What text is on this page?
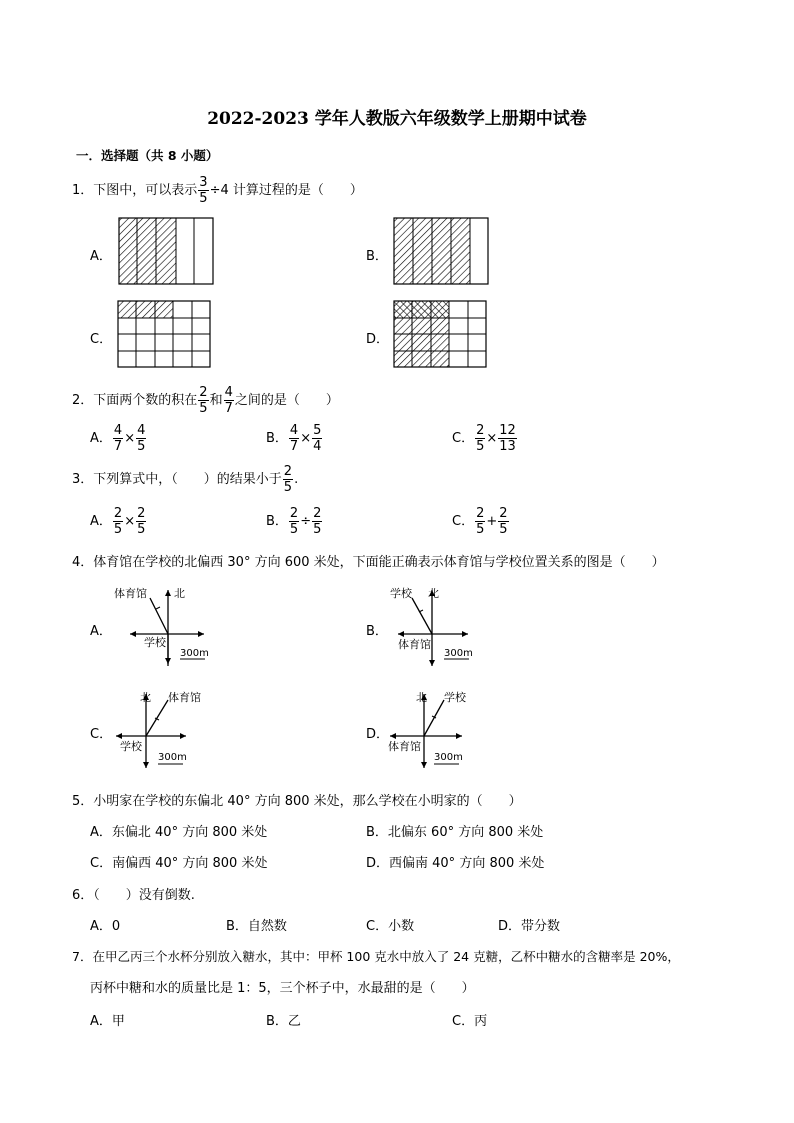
2022-2023 学年人教版六年级数学上册期中试卷
一．选择题（共 8 小题）
1．下图中，可以表示 $\frac{3}{5} \div 4$ 计算过程的是（　　）
A．	B．
C．	D．
2．下面两个数的积在 $\frac{2}{5}$ 和 $\frac{4}{7}$ 之间的是（　　）
A． $\frac{4}{7} \times \frac{4}{5}$	B． $\frac{4}{7} \times \frac{5}{4}$	C． $\frac{2}{5} \times \frac{12}{13}$
3．下列算式中，（　　）的结果小于 $\frac{2}{5}$ .
A． $\frac{2}{5} \times \frac{2}{5}$	B． $\frac{2}{5} \div \frac{2}{5}$	C． $\frac{2}{5} + \frac{2}{5}$
4．体育馆在学校的北偏西 30° 方向 600 米处，下面能正确表示体育馆与学校位置关系的图是（　　）
A．	B．
C．	D．
体育馆 北
学校
300m
学校 北
体育馆
300m
北 体育馆
学校
300m
北 学校
体育馆
300m
5．小明家在学校的东偏北 40° 方向 800 米处，那么学校在小明家的（　　）
A．东偏北 40° 方向 800 米处	B．北偏东 60° 方向 800 米处
C．南偏西 40° 方向 800 米处	D．西偏南 40° 方向 800 米处
6．（　　）没有倒数.
A．0	B．自然数	C．小数	D．带分数
7．在甲乙丙三个水杯分别放入糖水，其中：甲杯 100 克水中放入了 24 克糖，乙杯中糖水的含糖率是 20%，
丙杯中糖和水的质量比是 1：5，三个杯子中，水最甜的是（　　）
A．甲	B．乙	C．丙
